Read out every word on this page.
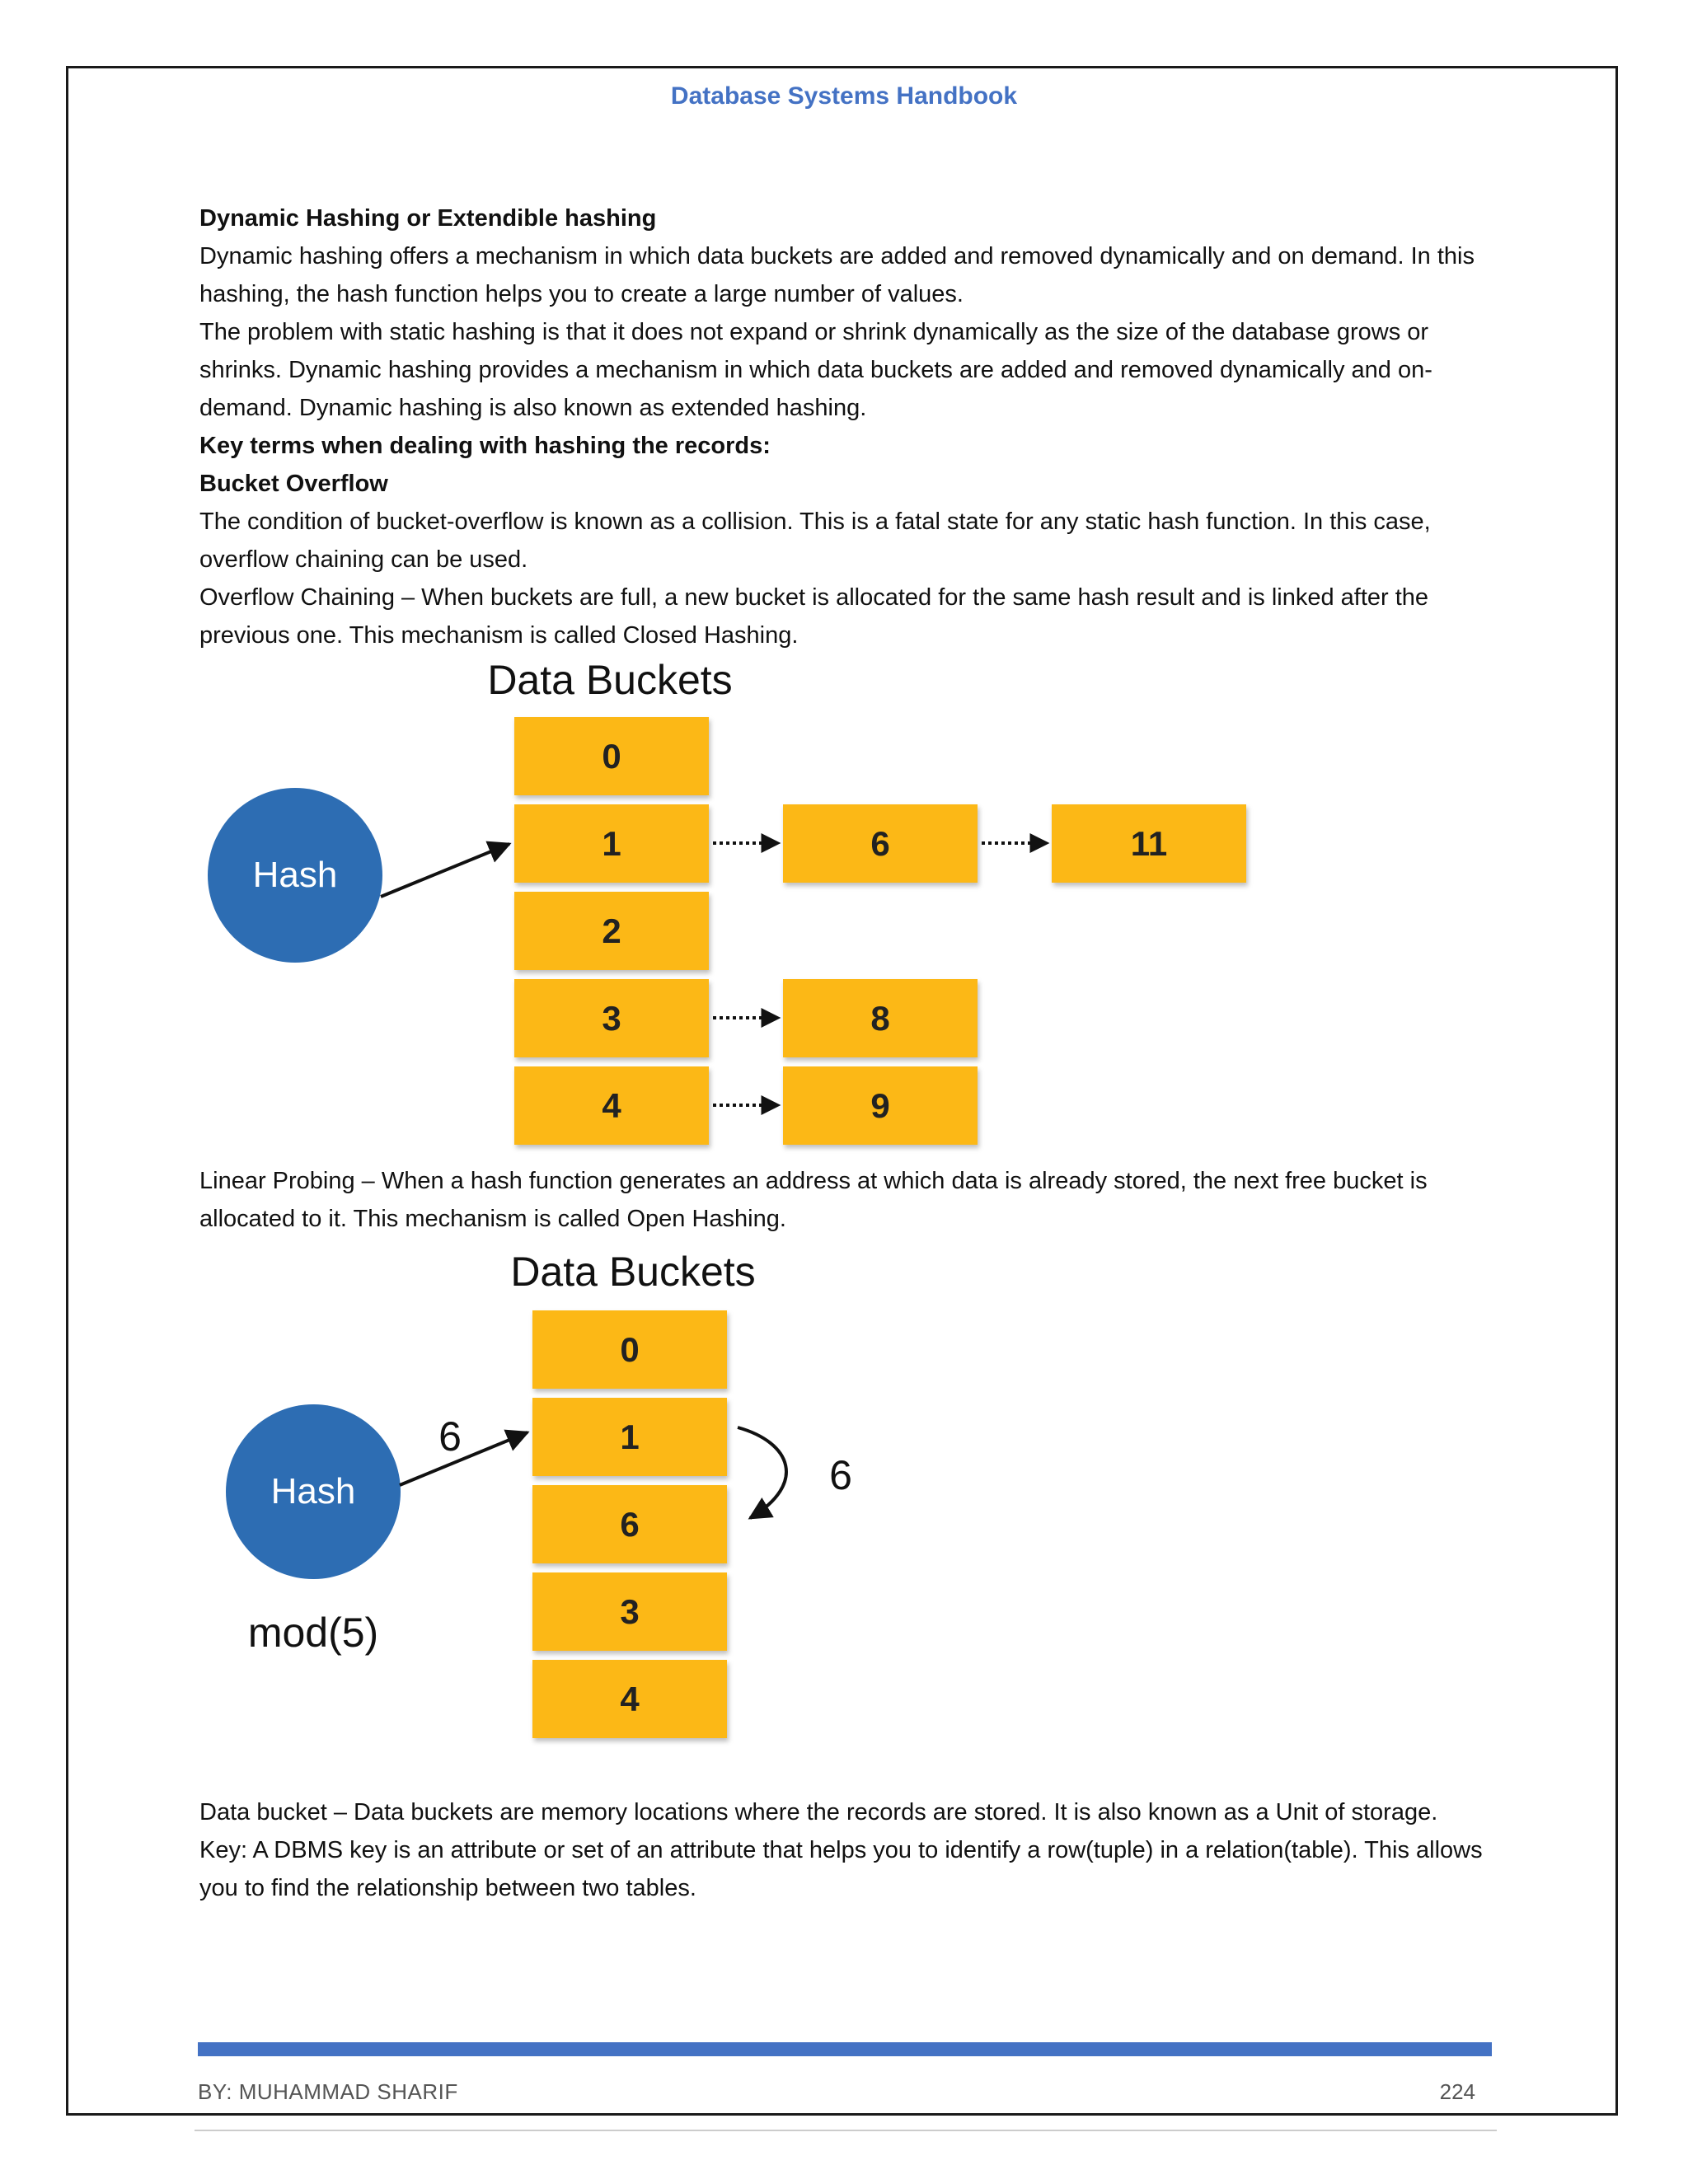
Database Systems Handbook

Dynamic Hashing or Extendible hashing

Dynamic hashing offers a mechanism in which data buckets are added and removed dynamically and on demand. In this hashing, the hash function helps you to create a large number of values.

The problem with static hashing is that it does not expand or shrink dynamically as the size of the database grows or shrinks. Dynamic hashing provides a mechanism in which data buckets are added and removed dynamically and on-demand. Dynamic hashing is also known as extended hashing.

Key terms when dealing with hashing the records:

Bucket Overflow

The condition of bucket-overflow is known as a collision. This is a fatal state for any static hash function. In this case, overflow chaining can be used.

Overflow Chaining – When buckets are full, a new bucket is allocated for the same hash result and is linked after the previous one. This mechanism is called Closed Hashing.

Data Buckets
0
1
2
3
4
6	11
8
9
Hash

Linear Probing – When a hash function generates an address at which data is already stored, the next free bucket is allocated to it. This mechanism is called Open Hashing.

Data Buckets
0
1
6
3
4
Hash
mod(5)
6
6

Data bucket – Data buckets are memory locations where the records are stored. It is also known as a Unit of storage.

Key: A DBMS key is an attribute or set of an attribute that helps you to identify a row(tuple) in a relation(table). This allows you to find the relationship between two tables.

BY: MUHAMMAD SHARIF	224
